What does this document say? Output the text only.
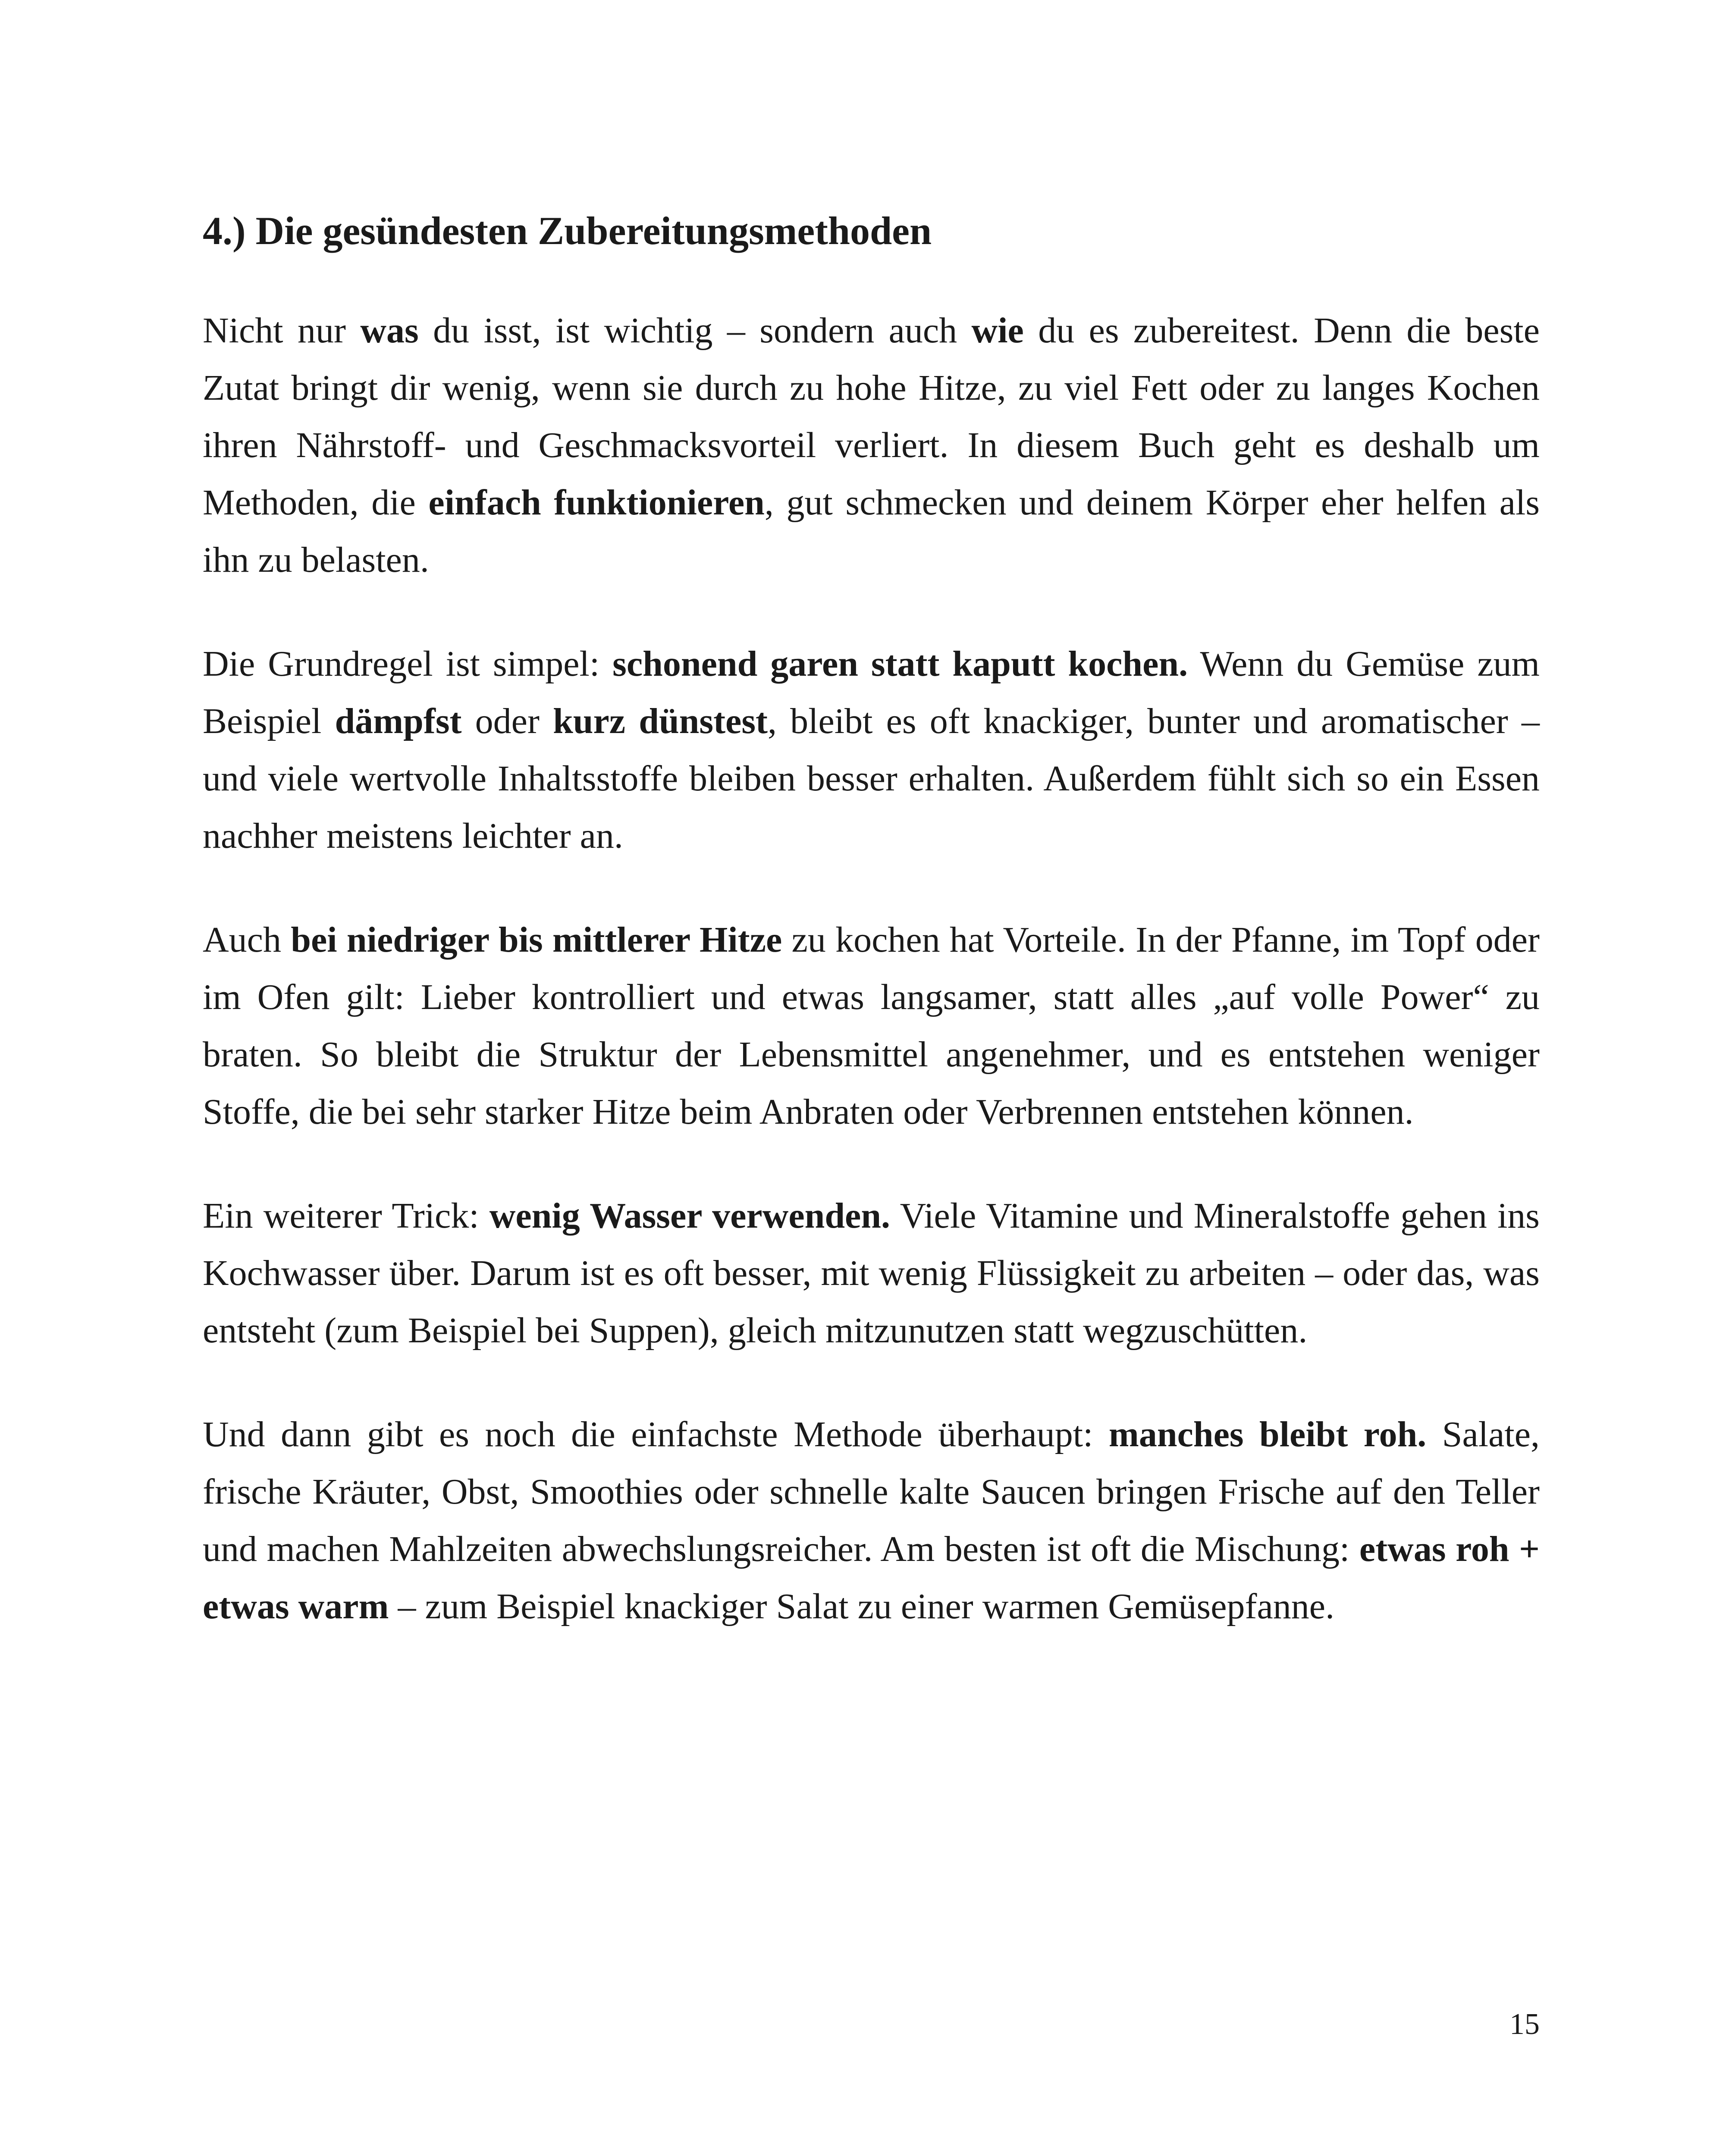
4.) Die gesündesten Zubereitungsmethoden

Nicht nur was du isst, ist wichtig – sondern auch wie du es zubereitest. Denn die beste Zutat bringt dir wenig, wenn sie durch zu hohe Hitze, zu viel Fett oder zu langes Kochen ihren Nährstoff- und Geschmacksvorteil verliert. In diesem Buch geht es deshalb um Methoden, die einfach funktionieren, gut schmecken und deinem Körper eher helfen als ihn zu belasten.

Die Grundregel ist simpel: schonend garen statt kaputt kochen. Wenn du Gemüse zum Beispiel dämpfst oder kurz dünstest, bleibt es oft knackiger, bunter und aromatischer – und viele wertvolle Inhaltsstoffe bleiben besser erhalten. Außerdem fühlt sich so ein Essen nachher meistens leichter an.

Auch bei niedriger bis mittlerer Hitze zu kochen hat Vorteile. In der Pfanne, im Topf oder im Ofen gilt: Lieber kontrolliert und etwas langsamer, statt alles „auf volle Power“ zu braten. So bleibt die Struktur der Lebensmittel angenehmer, und es entstehen weniger Stoffe, die bei sehr starker Hitze beim Anbraten oder Verbrennen entstehen können.

Ein weiterer Trick: wenig Wasser verwenden. Viele Vitamine und Mineralstoffe gehen ins Kochwasser über. Darum ist es oft besser, mit wenig Flüssigkeit zu arbeiten – oder das, was entsteht (zum Beispiel bei Suppen), gleich mitzunutzen statt wegzuschütten.

Und dann gibt es noch die einfachste Methode überhaupt: manches bleibt roh. Salate, frische Kräuter, Obst, Smoothies oder schnelle kalte Saucen bringen Frische auf den Teller und machen Mahlzeiten abwechslungsreicher. Am besten ist oft die Mischung: etwas roh + etwas warm – zum Beispiel knackiger Salat zu einer warmen Gemüsepfanne.

15
